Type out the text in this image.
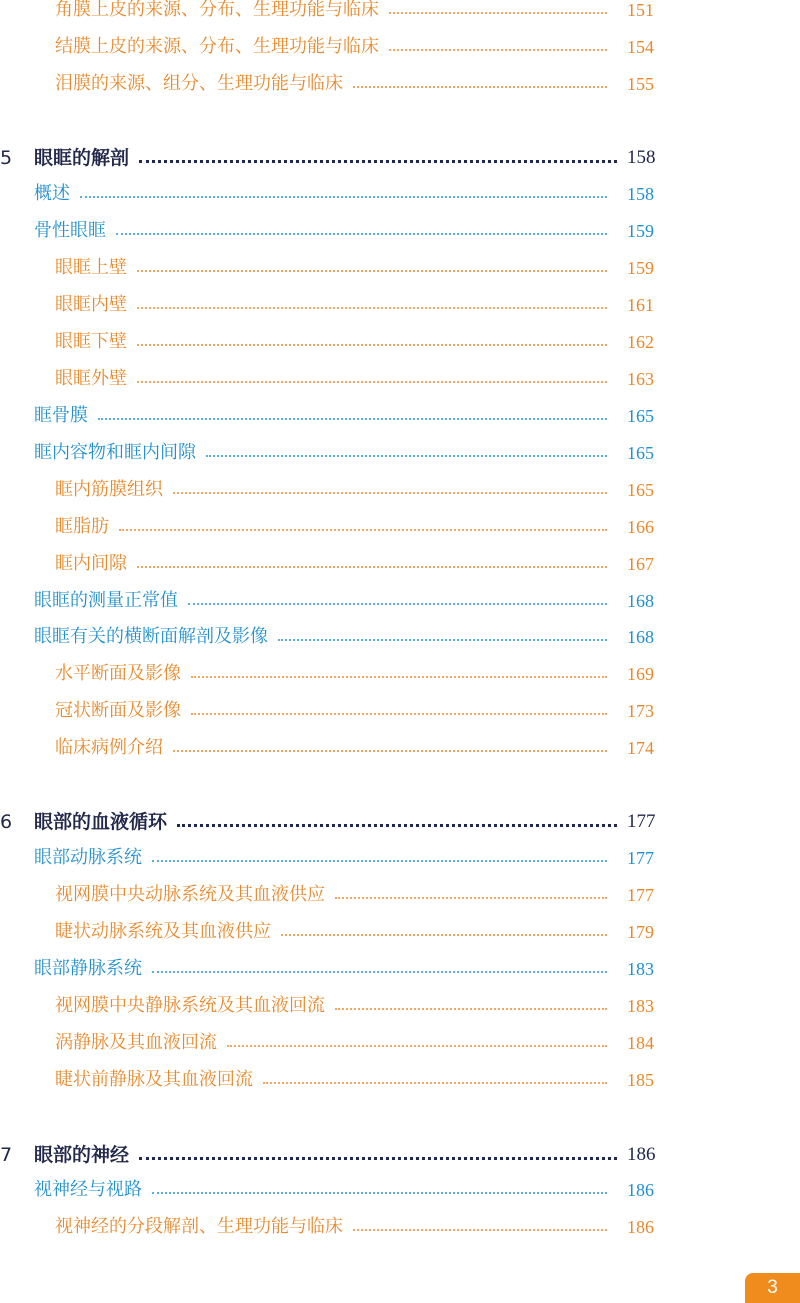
角膜上皮的来源、分布、生理功能与临床	151
结膜上皮的来源、分布、生理功能与临床	154
泪膜的来源、组分、生理功能与临床	155
5	眼眶的解剖	158
概述	158
骨性眼眶	159
眼眶上壁	159
眼眶内壁	161
眼眶下壁	162
眼眶外壁	163
眶骨膜	165
眶内容物和眶内间隙	165
眶内筋膜组织	165
眶脂肪	166
眶内间隙	167
眼眶的测量正常值	168
眼眶有关的横断面解剖及影像	168
水平断面及影像	169
冠状断面及影像	173
临床病例介绍	174
6	眼部的血液循环	177
眼部动脉系统	177
视网膜中央动脉系统及其血液供应	177
睫状动脉系统及其血液供应	179
眼部静脉系统	183
视网膜中央静脉系统及其血液回流	183
涡静脉及其血液回流	184
睫状前静脉及其血液回流	185
7	眼部的神经	186
视神经与视路	186
视神经的分段解剖、生理功能与临床	186
3
